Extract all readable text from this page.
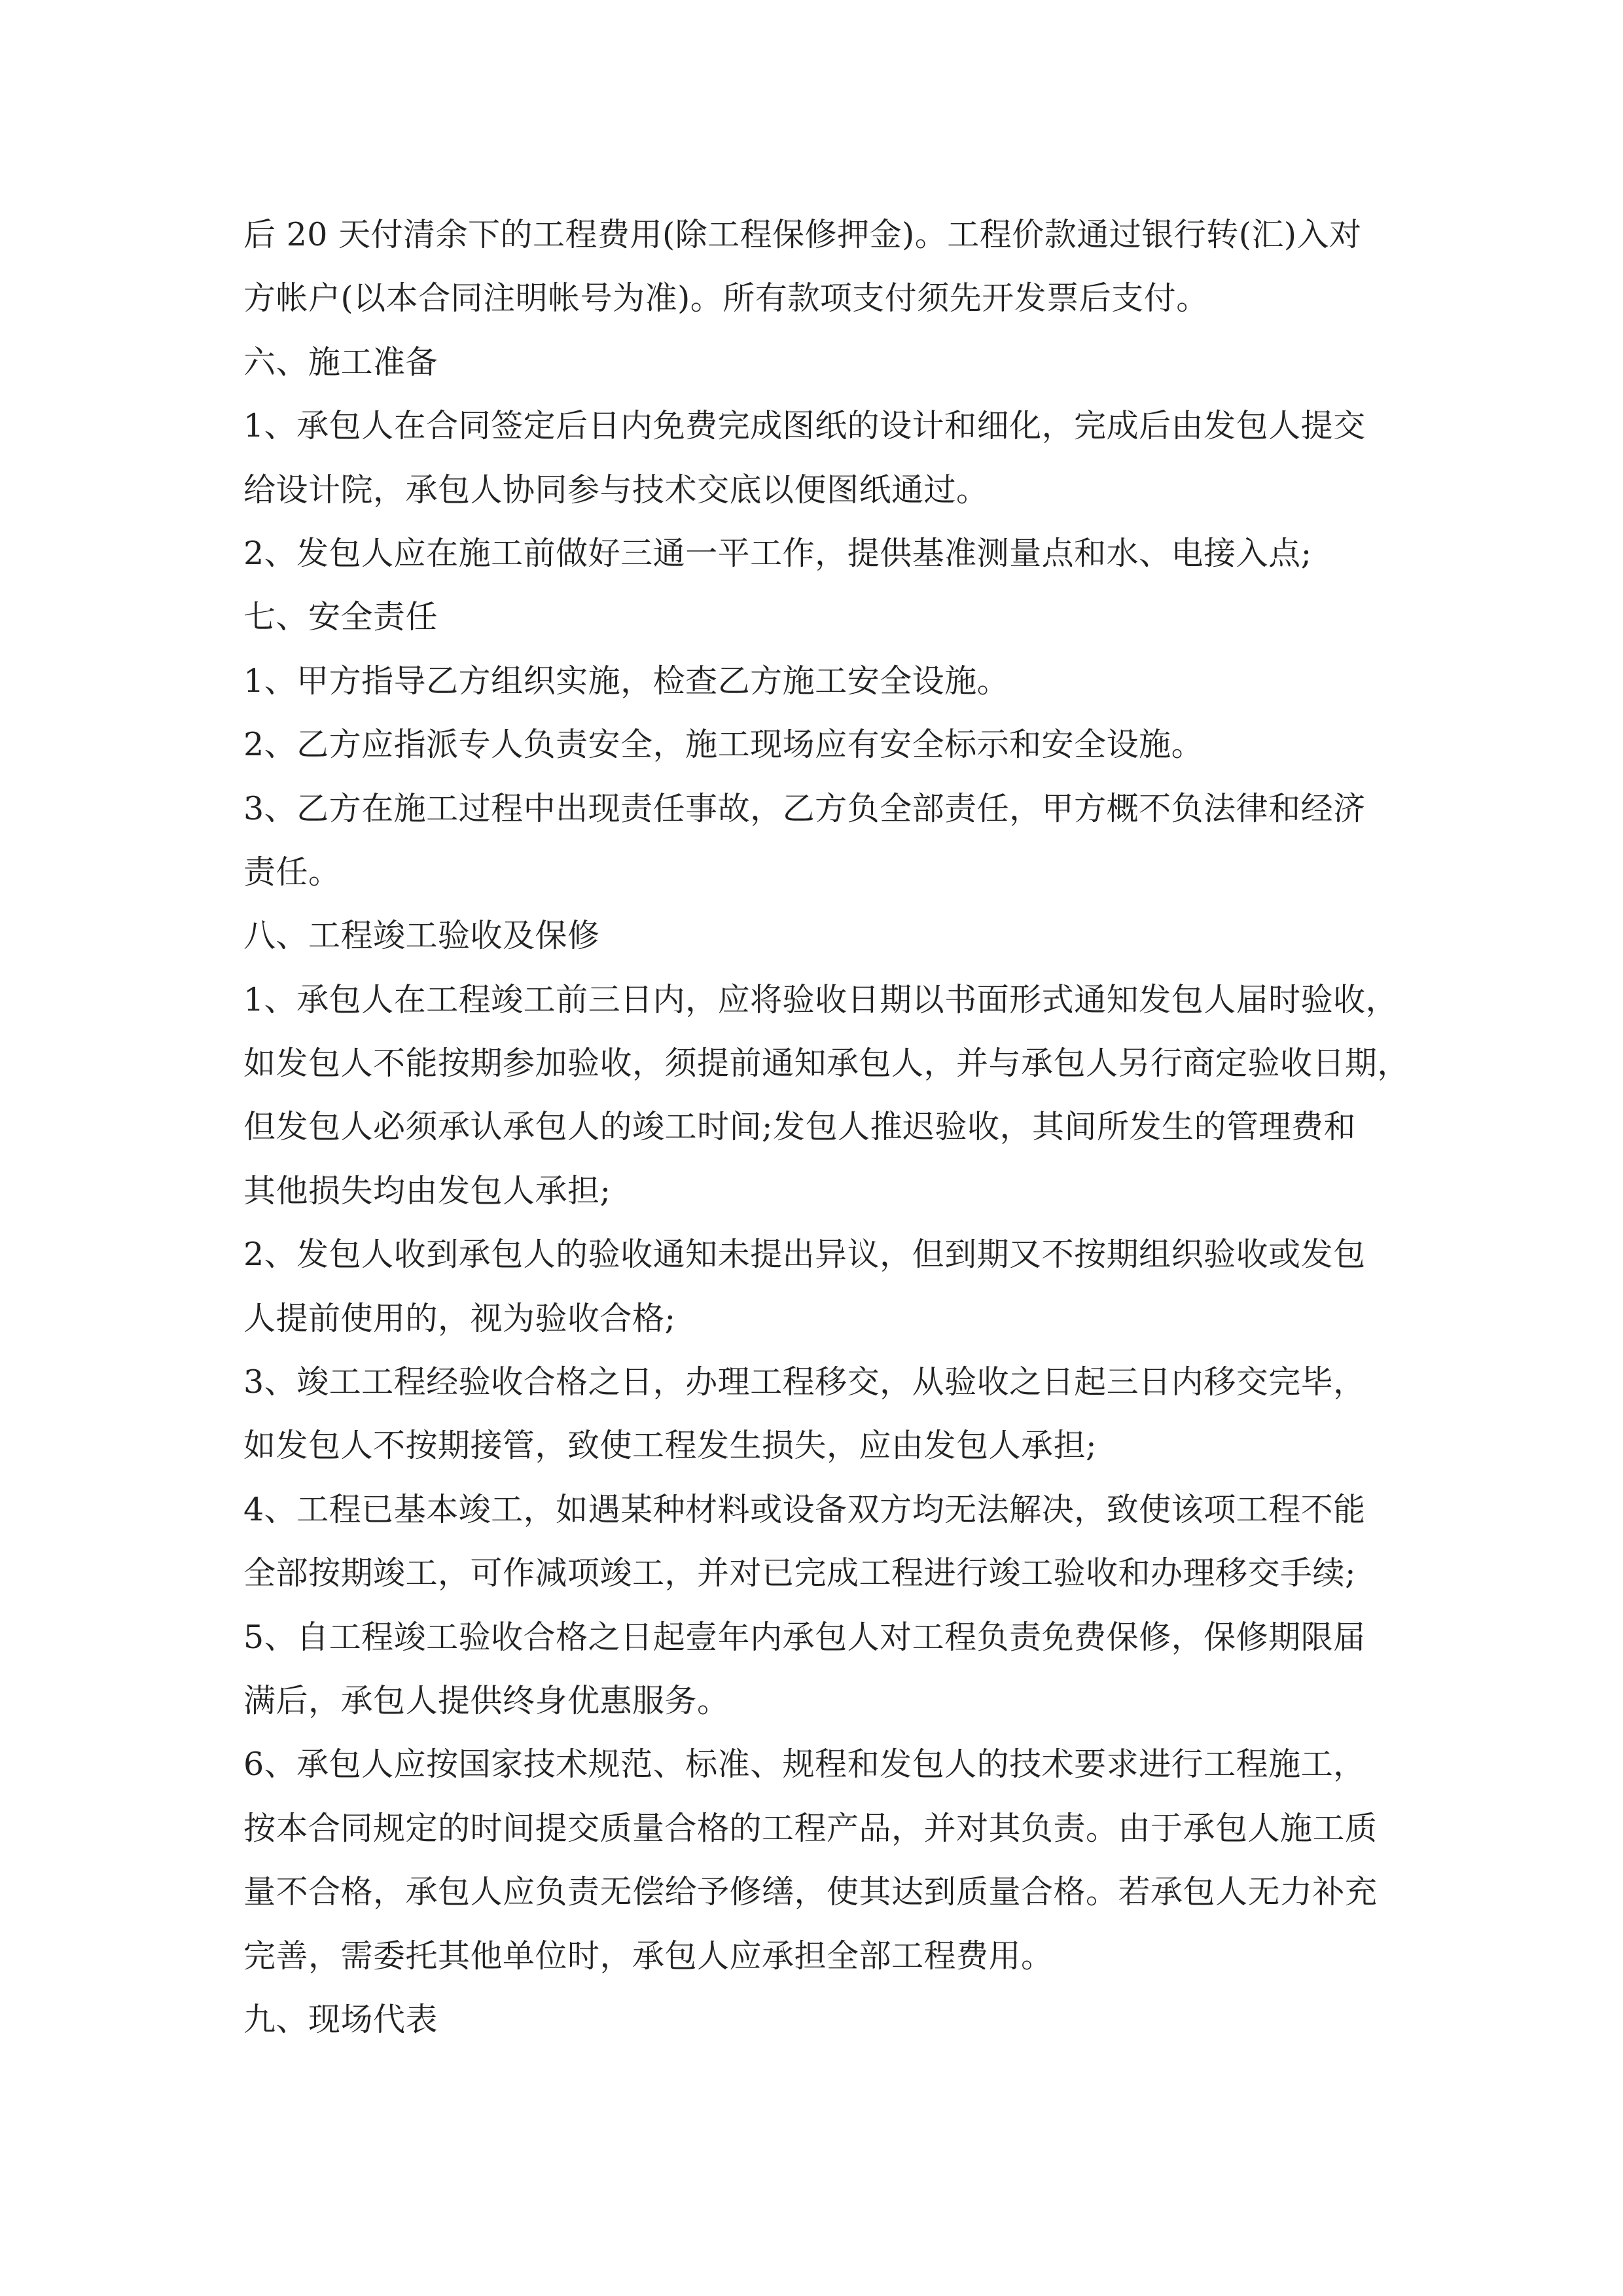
后 20 天付清余下的工程费用(除工程保修押金)。工程价款通过银行转(汇)入对
方帐户(以本合同注明帐号为准)。所有款项支付须先开发票后支付。
六、施工准备
1、承包人在合同签定后日内免费完成图纸的设计和细化，完成后由发包人提交
给设计院，承包人协同参与技术交底以便图纸通过。
2、发包人应在施工前做好三通一平工作，提供基准测量点和水、电接入点;
七、安全责任
1、甲方指导乙方组织实施，检查乙方施工安全设施。
2、乙方应指派专人负责安全，施工现场应有安全标示和安全设施。
3、乙方在施工过程中出现责任事故，乙方负全部责任，甲方概不负法律和经济
责任。
八、工程竣工验收及保修
1、承包人在工程竣工前三日内，应将验收日期以书面形式通知发包人届时验收，
如发包人不能按期参加验收，须提前通知承包人，并与承包人另行商定验收日期，
但发包人必须承认承包人的竣工时间;发包人推迟验收，其间所发生的管理费和
其他损失均由发包人承担;
2、发包人收到承包人的验收通知未提出异议，但到期又不按期组织验收或发包
人提前使用的，视为验收合格;
3、竣工工程经验收合格之日，办理工程移交，从验收之日起三日内移交完毕，
如发包人不按期接管，致使工程发生损失，应由发包人承担;
4、工程已基本竣工，如遇某种材料或设备双方均无法解决，致使该项工程不能
全部按期竣工，可作减项竣工，并对已完成工程进行竣工验收和办理移交手续;
5、自工程竣工验收合格之日起壹年内承包人对工程负责免费保修，保修期限届
满后，承包人提供终身优惠服务。
6、承包人应按国家技术规范、标准、规程和发包人的技术要求进行工程施工，
按本合同规定的时间提交质量合格的工程产品，并对其负责。由于承包人施工质
量不合格，承包人应负责无偿给予修缮，使其达到质量合格。若承包人无力补充
完善，需委托其他单位时，承包人应承担全部工程费用。
九、现场代表
